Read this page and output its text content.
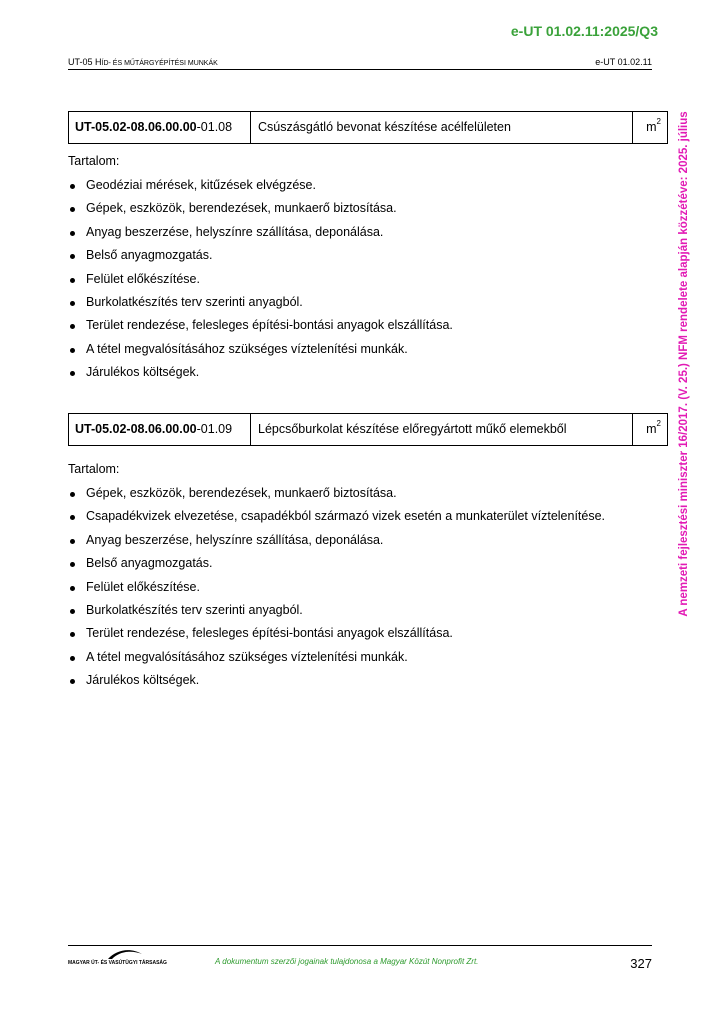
e-UT 01.02.11:2025/Q3
UT-05 HÍD- ÉS MŰTÁRGYÉPÍTÉSI MUNKÁK	e-UT 01.02.11
A nemzeti fejlesztési miniszter 16/2017. (V. 25.) NFM rendelete alapján közzétéve: 2025. július
UT-05.02-08.06.00.00-01.08	Csúszásgátló bevonat készítése acélfelületen	$m^2$
Tartalom:
Geodéziai mérések, kitűzések elvégzése.
Gépek, eszközök, berendezések, munkaerő biztosítása.
Anyag beszerzése, helyszínre szállítása, deponálása.
Belső anyagmozgatás.
Felület előkészítése.
Burkolatkészítés terv szerinti anyagból.
Terület rendezése, felesleges építési-bontási anyagok elszállítása.
A tétel megvalósításához szükséges víztelenítési munkák.
Járulékos költségek.
UT-05.02-08.06.00.00-01.09	Lépcsőburkolat készítése előregyártott műkő elemekből	$m^2$
Tartalom:
Gépek, eszközök, berendezések, munkaerő biztosítása.
Csapadékvizek elvezetése, csapadékból származó vizek esetén a munkaterület víztelenítése.
Anyag beszerzése, helyszínre szállítása, deponálása.
Belső anyagmozgatás.
Felület előkészítése.
Burkolatkészítés terv szerinti anyagból.
Terület rendezése, felesleges építési-bontási anyagok elszállítása.
A tétel megvalósításához szükséges víztelenítési munkák.
Járulékos költségek.
MAGYAR ÚT- ÉS VASÚTÜGYI TÁRSASÁG	A dokumentum szerzői jogainak tulajdonosa a Magyar Közút Nonprofit Zrt.	327
